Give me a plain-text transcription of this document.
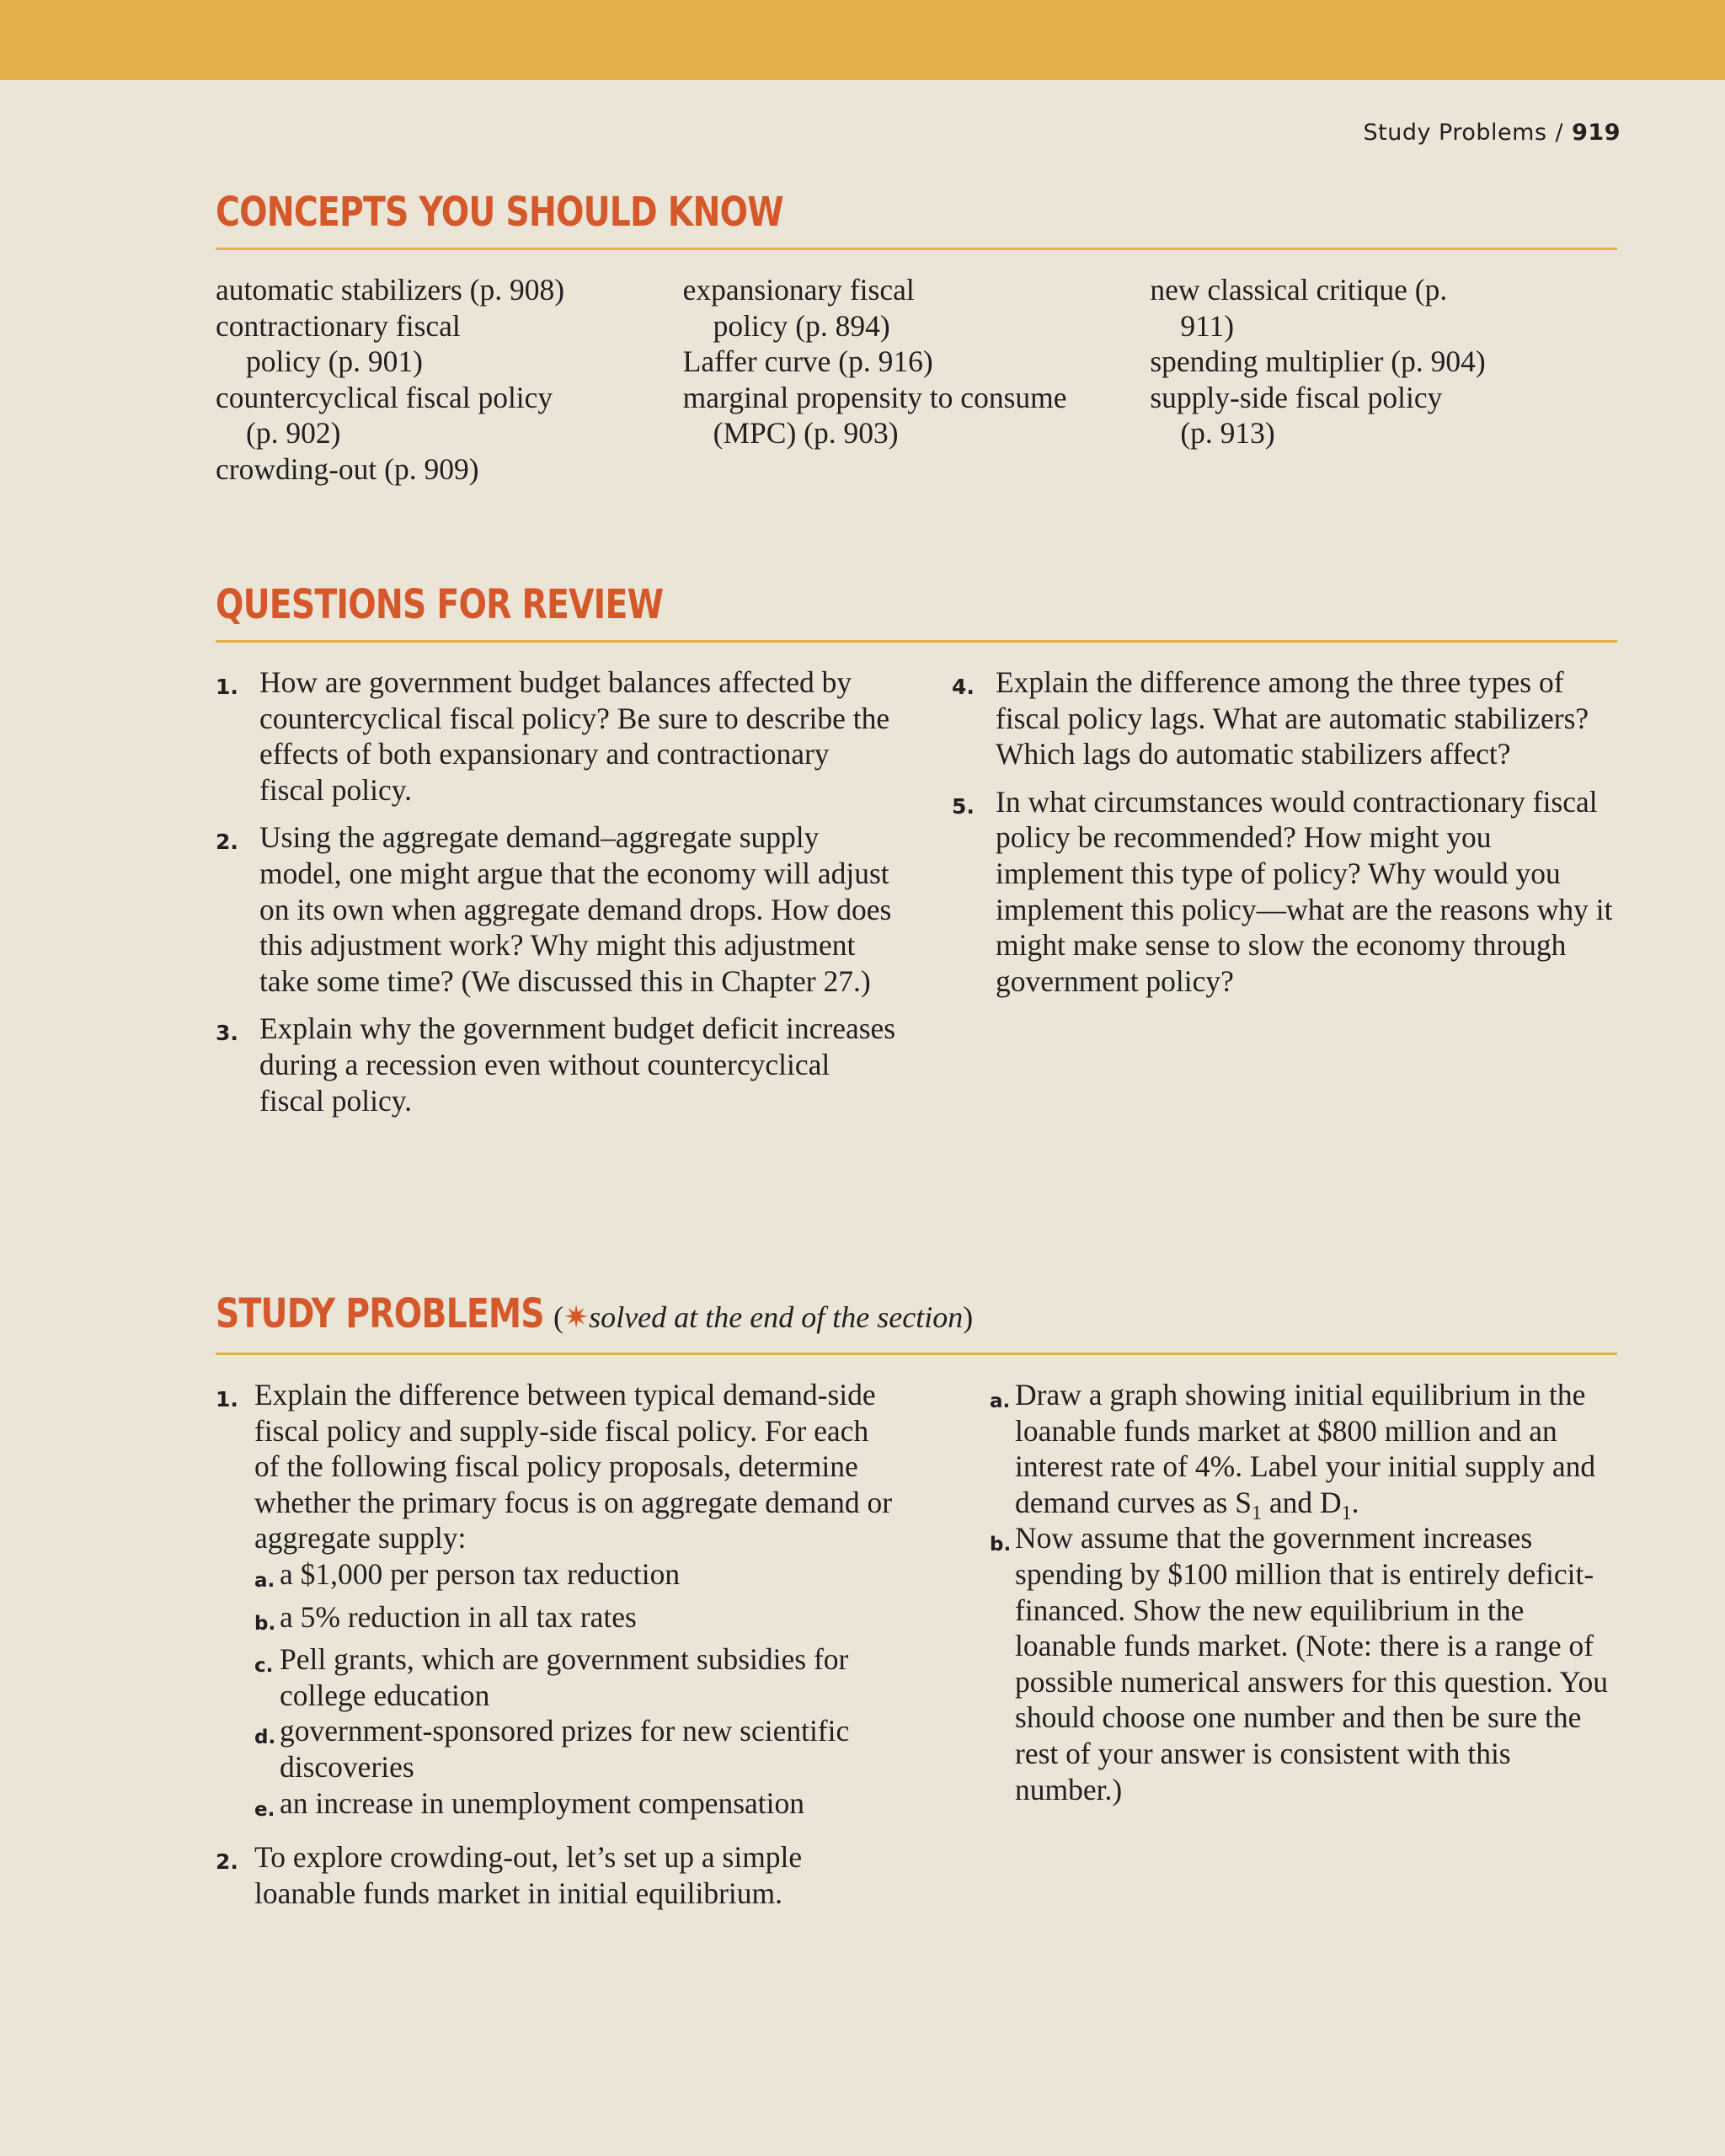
Study Problems / 919
CONCEPTS YOU SHOULD KNOW
automatic stabilizers (p. 908)
contractionary fiscal policy (p. 901)
countercyclical fiscal policy (p. 902)
crowding-out (p. 909)
expansionary fiscal policy (p. 894)
Laffer curve (p. 916)
marginal propensity to consume (MPC) (p. 903)
new classical critique (p. 911)
spending multiplier (p. 904)
supply-side fiscal policy (p. 913)
QUESTIONS FOR REVIEW
1. How are government budget balances affected by countercyclical fiscal policy? Be sure to describe the effects of both expansionary and contractionary fiscal policy.
2. Using the aggregate demand–aggregate supply model, one might argue that the economy will adjust on its own when aggregate demand drops. How does this adjustment work? Why might this adjustment take some time? (We discussed this in Chapter 27.)
3. Explain why the government budget deficit increases during a recession even without countercyclical fiscal policy.
4. Explain the difference among the three types of fiscal policy lags. What are automatic stabilizers? Which lags do automatic stabilizers affect?
5. In what circumstances would contractionary fiscal policy be recommended? How might you implement this type of policy? Why would you implement this policy—what are the reasons why it might make sense to slow the economy through government policy?
STUDY PROBLEMS (✷solved at the end of the section)
1. Explain the difference between typical demand-side fiscal policy and supply-side fiscal policy. For each of the following fiscal policy proposals, determine whether the primary focus is on aggregate demand or aggregate supply:
a. a $1,000 per person tax reduction
b. a 5% reduction in all tax rates
c. Pell grants, which are government subsidies for college education
d. government-sponsored prizes for new scientific discoveries
e. an increase in unemployment compensation
2. To explore crowding-out, let’s set up a simple loanable funds market in initial equilibrium.
a. Draw a graph showing initial equilibrium in the loanable funds market at $800 million and an interest rate of 4%. Label your initial supply and demand curves as $S_1$ and $D_1$.
b. Now assume that the government increases spending by $100 million that is entirely deficit-financed. Show the new equilibrium in the loanable funds market. (Note: there is a range of possible numerical answers for this question. You should choose one number and then be sure the rest of your answer is consistent with this number.)
